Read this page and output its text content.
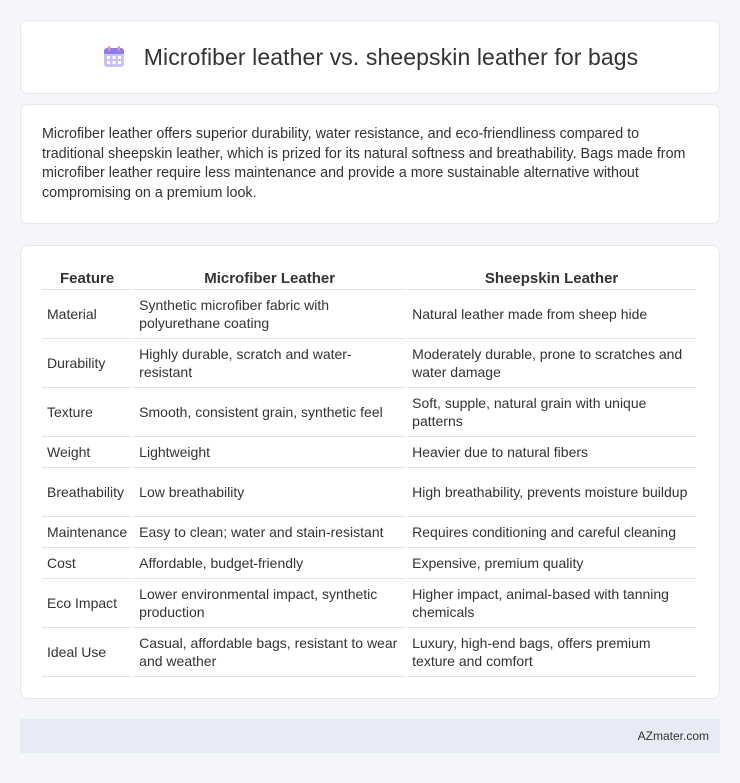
Microfiber leather vs. sheepskin leather for bags

Microfiber leather offers superior durability, water resistance, and eco-friendliness compared to traditional sheepskin leather, which is prized for its natural softness and breathability. Bags made from microfiber leather require less maintenance and provide a more sustainable alternative without compromising on a premium look.

Feature	Microfiber Leather	Sheepskin Leather
Material	Synthetic microfiber fabric with polyurethane coating	Natural leather made from sheep hide
Durability	Highly durable, scratch and water-resistant	Moderately durable, prone to scratches and water damage
Texture	Smooth, consistent grain, synthetic feel	Soft, supple, natural grain with unique patterns
Weight	Lightweight	Heavier due to natural fibers
Breathability	Low breathability	High breathability, prevents moisture buildup
Maintenance	Easy to clean; water and stain-resistant	Requires conditioning and careful cleaning
Cost	Affordable, budget-friendly	Expensive, premium quality
Eco Impact	Lower environmental impact, synthetic production	Higher impact, animal-based with tanning chemicals
Ideal Use	Casual, affordable bags, resistant to wear and weather	Luxury, high-end bags, offers premium texture and comfort
AZmater.com
